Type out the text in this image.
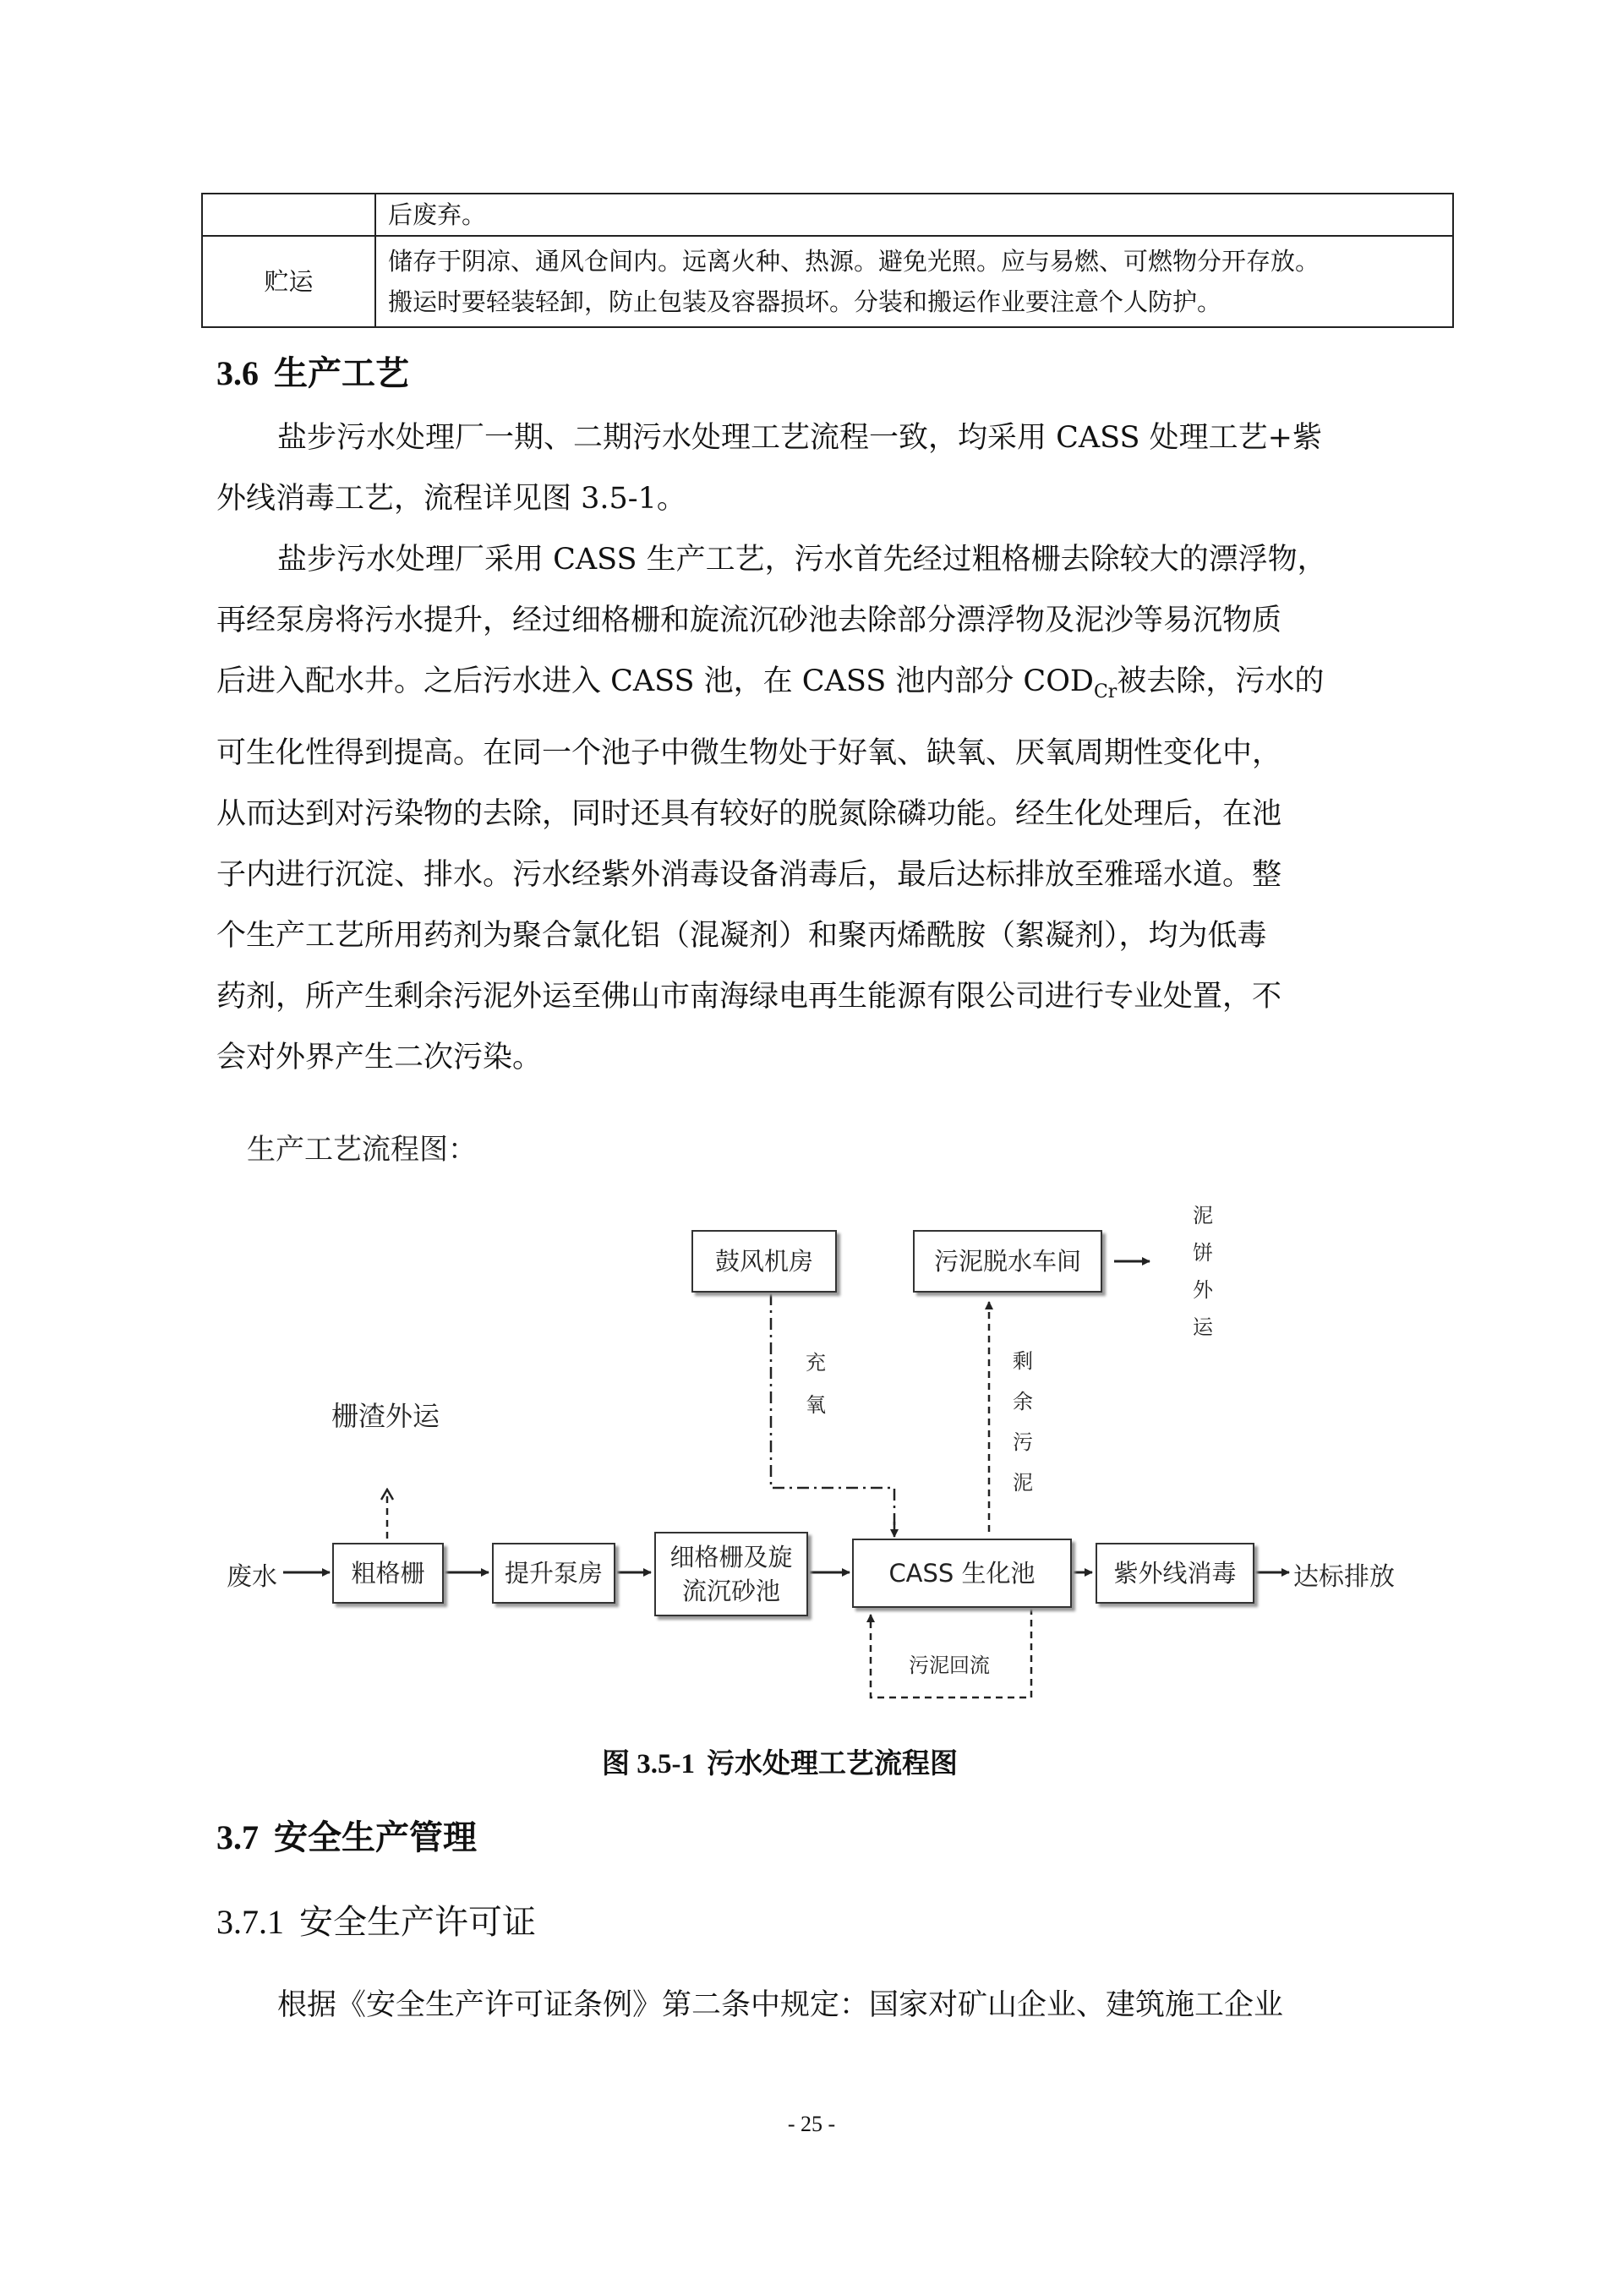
	后废弃。
贮运	储存于阴凉、通风仓间内。远离火种、热源。避免光照。应与易燃、可燃物分开存放。
搬运时要轻装轻卸，防止包装及容器损坏。分装和搬运作业要注意个人防护。
3.6 生产工艺
盐步污水处理厂一期、二期污水处理工艺流程一致，均采用 CASS 处理工艺+紫
外线消毒工艺，流程详见图 3.5-1。
盐步污水处理厂采用 CASS 生产工艺，污水首先经过粗格栅去除较大的漂浮物，
再经泵房将污水提升，经过细格栅和旋流沉砂池去除部分漂浮物及泥沙等易沉物质
后进入配水井。之后污水进入 CASS 池，在 CASS 池内部分 $COD_{Cr}$被去除，污水的
可生化性得到提高。在同一个池子中微生物处于好氧、缺氧、厌氧周期性变化中，
从而达到对污染物的去除，同时还具有较好的脱氮除磷功能。经生化处理后，在池
子内进行沉淀、排水。污水经紫外消毒设备消毒后，最后达标排放至雅瑶水道。整
个生产工艺所用药剂为聚合氯化铝（混凝剂）和聚丙烯酰胺（絮凝剂），均为低毒
药剂，所产生剩余污泥外运至佛山市南海绿电再生能源有限公司进行专业处置，不
会对外界产生二次污染。
生产工艺流程图：
鼓风机房	污泥脱水车间
泥
饼
外
运
充
氧
剩
余
污
泥
栅渣外运
废水	粗格栅	提升泵房
细格栅及旋
流沉砂池
CASS 生化池	紫外线消毒	达标排放
污泥回流
图 3.5-1 污水处理工艺流程图
3.7 安全生产管理
3.7.1 安全生产许可证
根据《安全生产许可证条例》第二条中规定：国家对矿山企业、建筑施工企业
- 25 -
